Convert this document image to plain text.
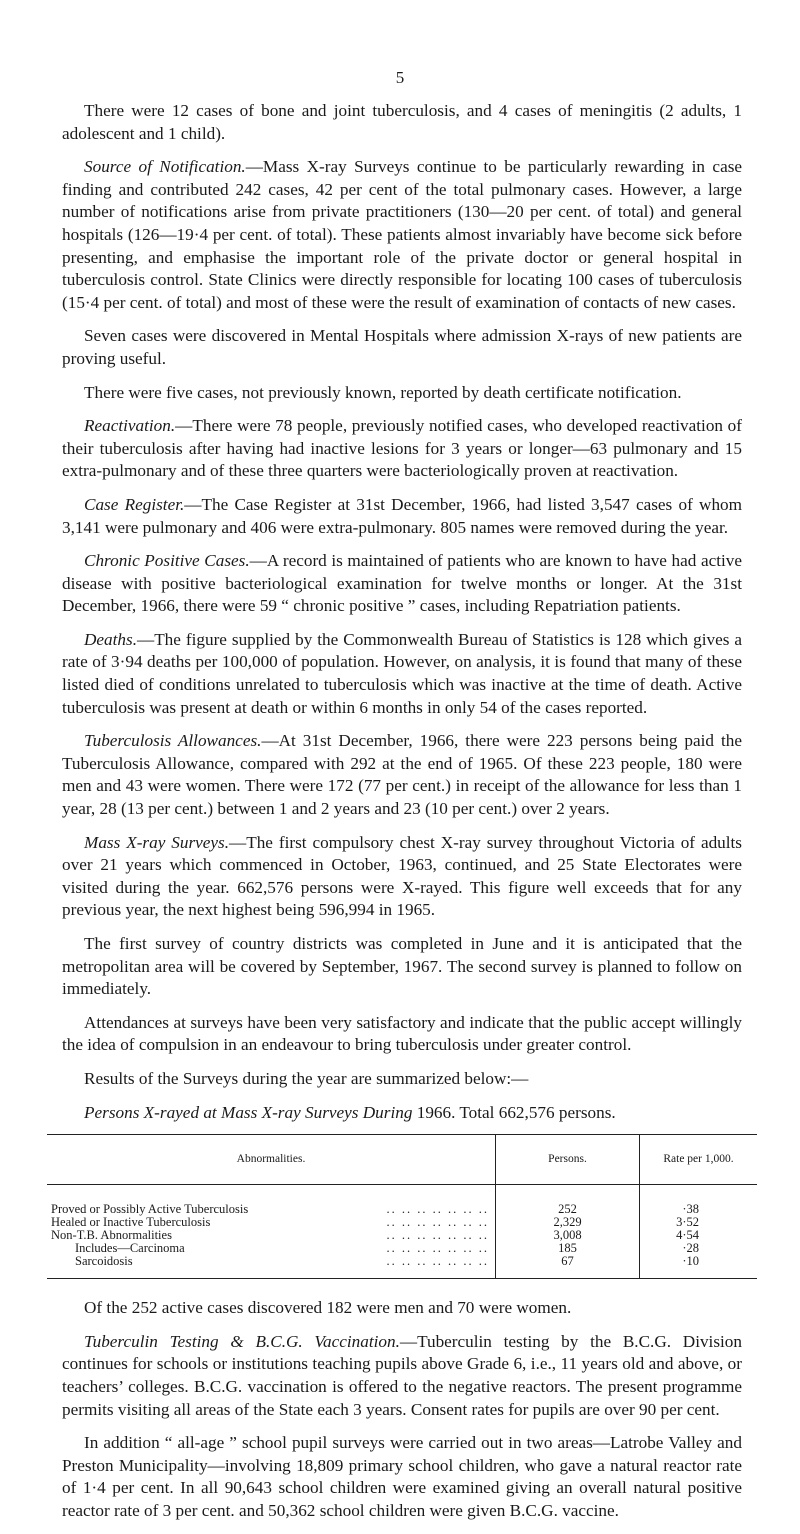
5

There were 12 cases of bone and joint tuberculosis, and 4 cases of meningitis (2 adults, 1 adolescent and 1 child).

Source of Notification.—Mass X-ray Surveys continue to be particularly rewarding in case finding and contributed 242 cases, 42 per cent of the total pulmonary cases. However, a large number of notifications arise from private practitioners (130—20 per cent. of total) and general hospitals (126—19·4 per cent. of total). These patients almost invariably have become sick before presenting, and emphasise the important role of the private doctor or general hospital in tuberculosis control. State Clinics were directly responsible for locating 100 cases of tuberculosis (15·4 per cent. of total) and most of these were the result of examination of contacts of new cases.

Seven cases were discovered in Mental Hospitals where admission X-rays of new patients are proving useful.

There were five cases, not previously known, reported by death certificate notification.

Reactivation.—There were 78 people, previously notified cases, who developed reactivation of their tuberculosis after having had inactive lesions for 3 years or longer—63 pulmonary and 15 extra-pulmonary and of these three quarters were bacteriologically proven at reactivation.

Case Register.—The Case Register at 31st December, 1966, had listed 3,547 cases of whom 3,141 were pulmonary and 406 were extra-pulmonary. 805 names were removed during the year.

Chronic Positive Cases.—A record is maintained of patients who are known to have had active disease with positive bacteriological examination for twelve months or longer. At the 31st December, 1966, there were 59 “ chronic positive ” cases, including Repatriation patients.

Deaths.—The figure supplied by the Commonwealth Bureau of Statistics is 128 which gives a rate of 3·94 deaths per 100,000 of population. However, on analysis, it is found that many of these listed died of conditions unrelated to tuberculosis which was inactive at the time of death. Active tuberculosis was present at death or within 6 months in only 54 of the cases reported.

Tuberculosis Allowances.—At 31st December, 1966, there were 223 persons being paid the Tuberculosis Allowance, compared with 292 at the end of 1965. Of these 223 people, 180 were men and 43 were women. There were 172 (77 per cent.) in receipt of the allowance for less than 1 year, 28 (13 per cent.) between 1 and 2 years and 23 (10 per cent.) over 2 years.

Mass X-ray Surveys.—The first compulsory chest X-ray survey throughout Victoria of adults over 21 years which commenced in October, 1963, continued, and 25 State Electorates were visited during the year. 662,576 persons were X-rayed. This figure well exceeds that for any previous year, the next highest being 596,994 in 1965.

The first survey of country districts was completed in June and it is anticipated that the metropolitan area will be covered by September, 1967. The second survey is planned to follow on immediately.

Attendances at surveys have been very satisfactory and indicate that the public accept willingly the idea of compulsion in an endeavour to bring tuberculosis under greater control.

Results of the Surveys during the year are summarized below:—

Persons X-rayed at Mass X-ray Surveys During 1966. Total 662,576 persons.

Abnormalities.	Persons.	Rate per 1,000.
Proved or Possibly Active Tuberculosis .. .. .. .. .. .. ..	252	·38
Healed or Inactive Tuberculosis .. .. .. .. .. .. ..	2,329	3·52
Non-T.B. Abnormalities .. .. .. .. .. .. ..	3,008	4·54
Includes—Carcinoma .. .. .. .. .. .. ..	185	·28
Sarcoidosis .. .. .. .. .. .. ..	67	·10

Of the 252 active cases discovered 182 were men and 70 were women.

Tuberculin Testing & B.C.G. Vaccination.—Tuberculin testing by the B.C.G. Division continues for schools or institutions teaching pupils above Grade 6, i.e., 11 years old and above, or teachers’ colleges. B.C.G. vaccination is offered to the negative reactors. The present programme permits visiting all areas of the State each 3 years. Consent rates for pupils are over 90 per cent.

In addition “ all-age ” school pupil surveys were carried out in two areas—Latrobe Valley and Preston Municipality—involving 18,809 primary school children, who gave a natural reactor rate of 1·4 per cent. In all 90,643 school children were examined giving an overall natural positive reactor rate of 3 per cent. and 50,362 school children were given B.C.G. vaccine.
